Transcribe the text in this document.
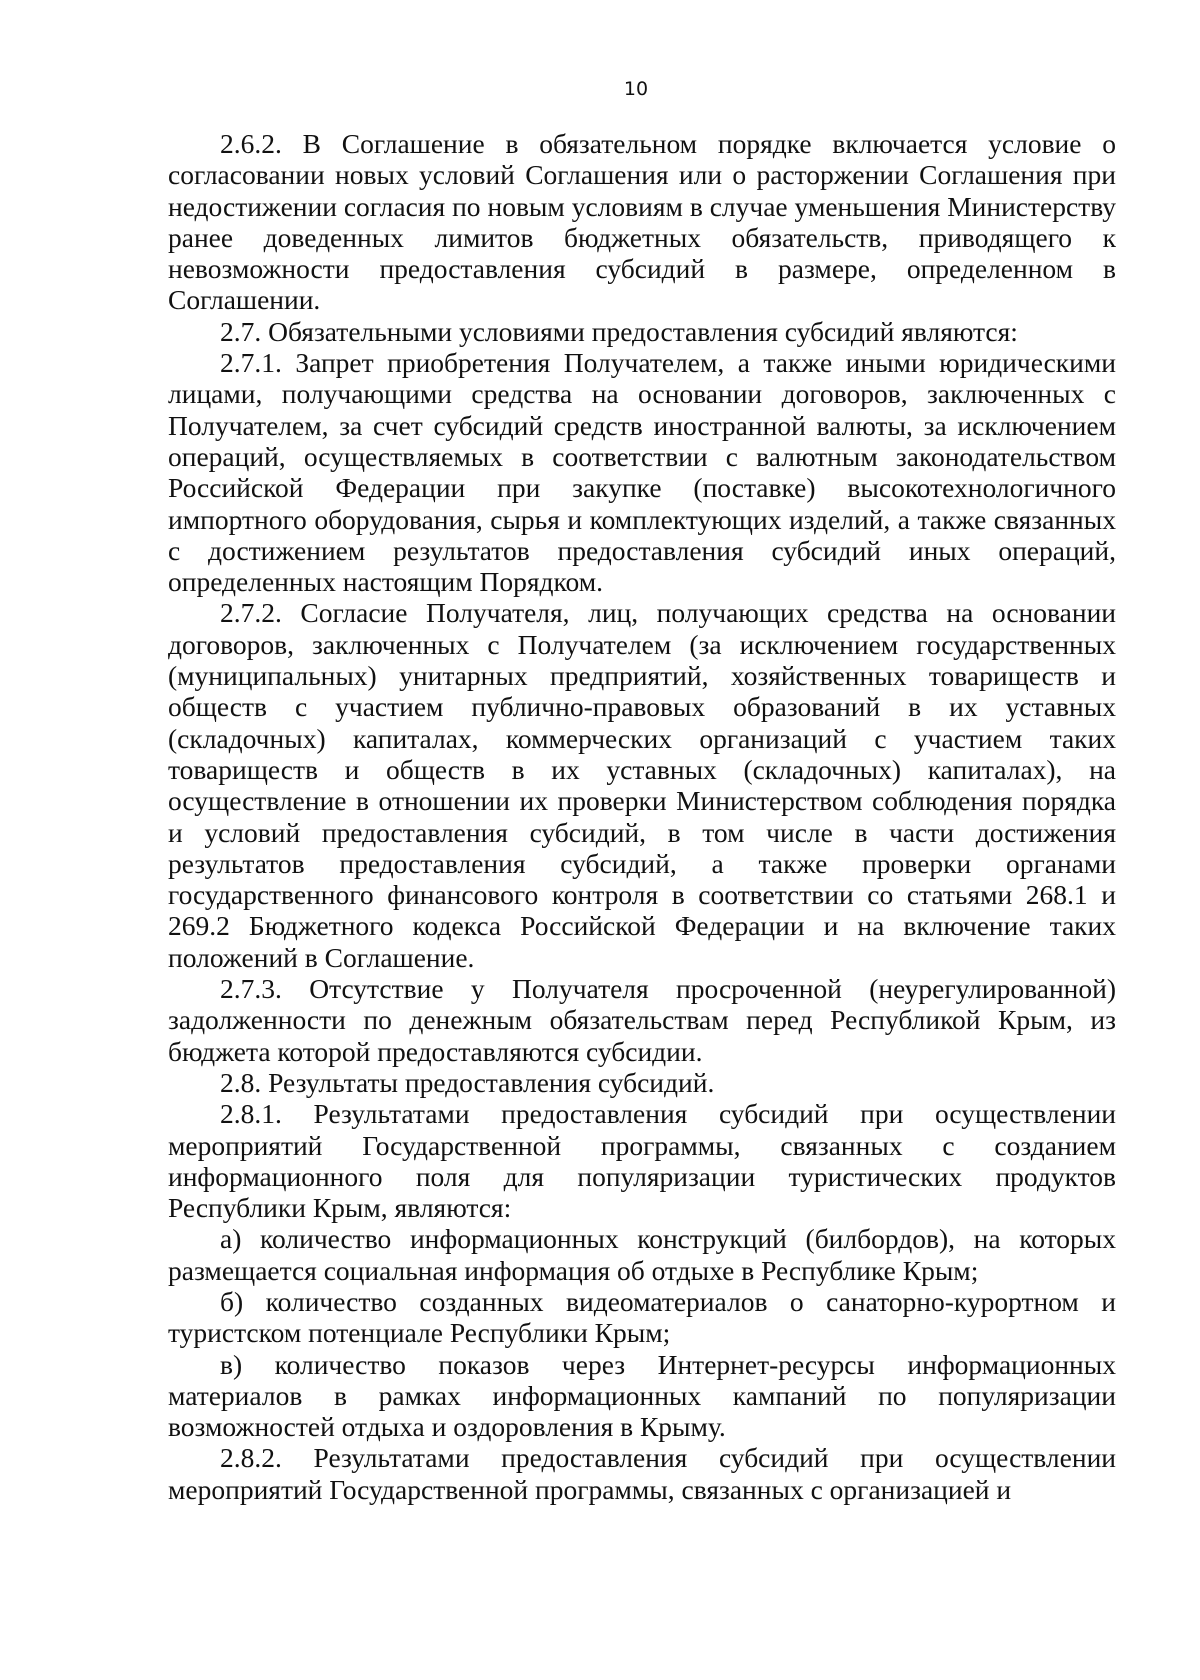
10

2.6.2. В Соглашение в обязательном порядке включается условие о согласовании новых условий Соглашения или о расторжении Соглашения при недостижении согласия по новым условиям в случае уменьшения Министерству ранее доведенных лимитов бюджетных обязательств, приводящего к невозможности предоставления субсидий в размере, определенном в Соглашении.

2.7. Обязательными условиями предоставления субсидий являются:

2.7.1. Запрет приобретения Получателем, а также иными юридическими лицами, получающими средства на основании договоров, заключенных с Получателем, за счет субсидий средств иностранной валюты, за исключением операций, осуществляемых в соответствии с валютным законодательством Российской Федерации при закупке (поставке) высокотехнологичного импортного оборудования, сырья и комплектующих изделий, а также связанных с достижением результатов предоставления субсидий иных операций, определенных настоящим Порядком.

2.7.2. Согласие Получателя, лиц, получающих средства на основании договоров, заключенных с Получателем (за исключением государственных (муниципальных) унитарных предприятий, хозяйственных товариществ и обществ с участием публично-правовых образований в их уставных (складочных) капиталах, коммерческих организаций с участием таких товариществ и обществ в их уставных (складочных) капиталах), на осуществление в отношении их проверки Министерством соблюдения порядка и условий предоставления субсидий, в том числе в части достижения результатов предоставления субсидий, а также проверки органами государственного финансового контроля в соответствии со статьями 268.1 и 269.2 Бюджетного кодекса Российской Федерации и на включение таких положений в Соглашение.

2.7.3. Отсутствие у Получателя просроченной (неурегулированной) задолженности по денежным обязательствам перед Республикой Крым, из бюджета которой предоставляются субсидии.

2.8. Результаты предоставления субсидий.

2.8.1. Результатами предоставления субсидий при осуществлении мероприятий Государственной программы, связанных с созданием информационного поля для популяризации туристических продуктов Республики Крым, являются:

а) количество информационных конструкций (билбордов), на которых размещается социальная информация об отдыхе в Республике Крым;

б) количество созданных видеоматериалов о санаторно-курортном и туристском потенциале Республики Крым;

в) количество показов через Интернет-ресурсы информационных материалов в рамках информационных кампаний по популяризации возможностей отдыха и оздоровления в Крыму.

2.8.2. Результатами предоставления субсидий при осуществлении мероприятий Государственной программы, связанных с организацией и
